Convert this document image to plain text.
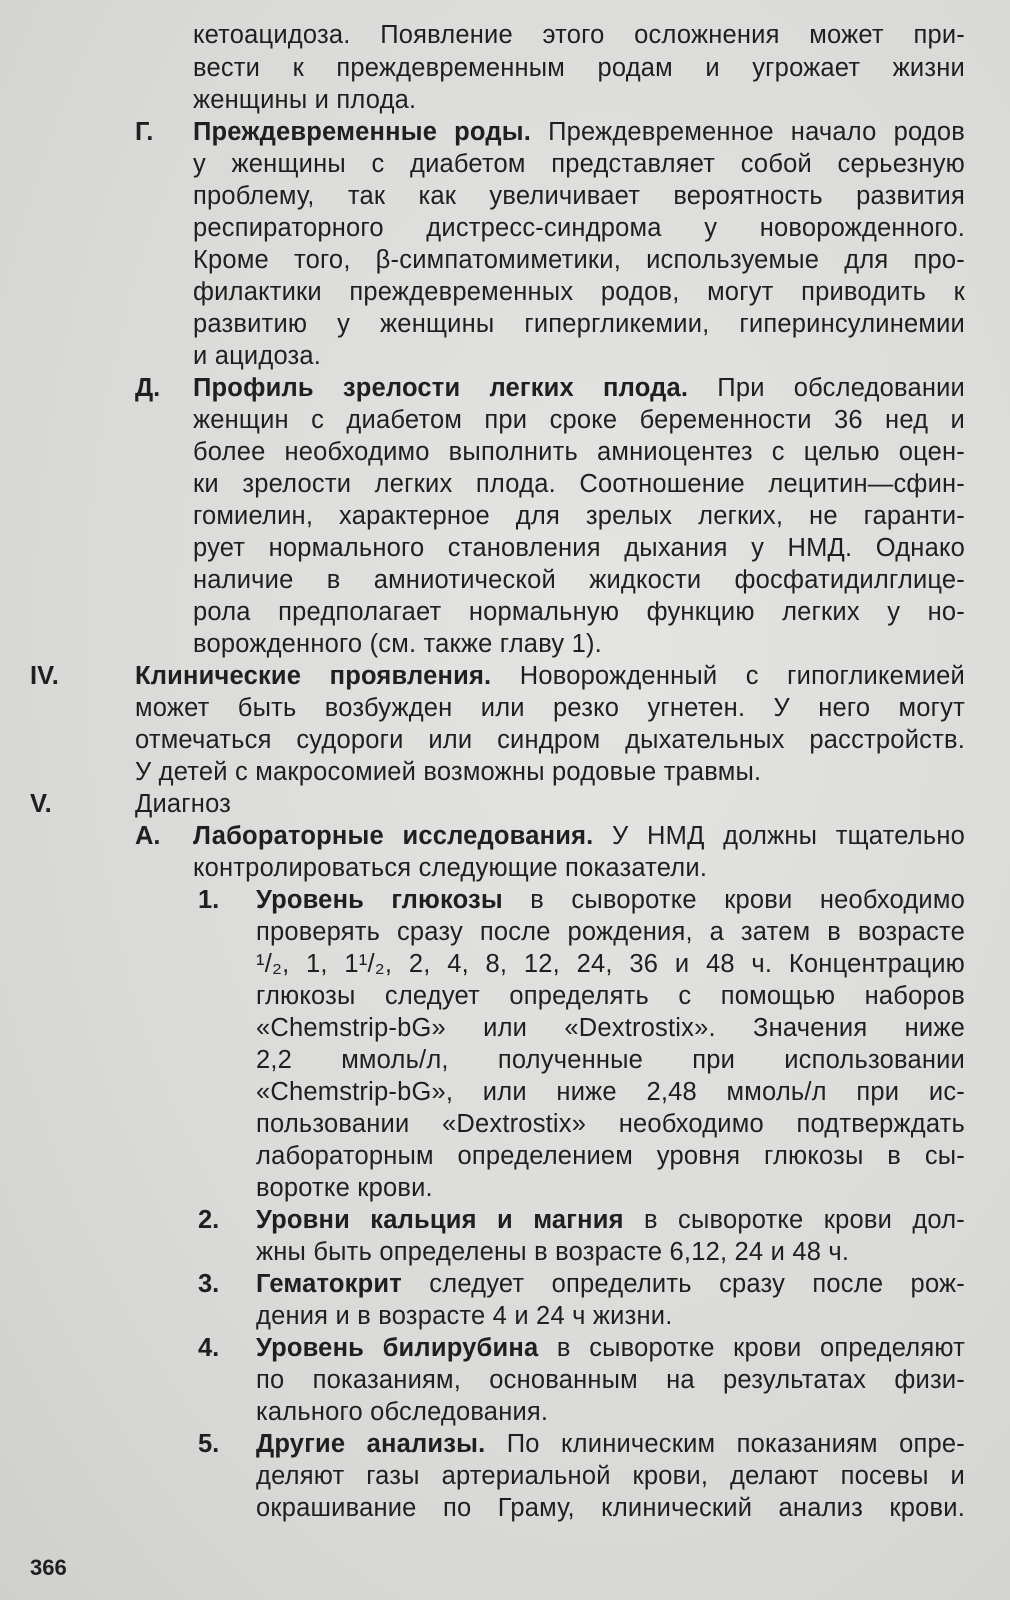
кетоацидоза. Появление этого осложнения может при-
вести к преждевременным родам и угрожает жизни
женщины и плода.
Г. Преждевременные роды. Преждевременное начало родов
у женщины с диабетом представляет собой серьезную
проблему, так как увеличивает вероятность развития
респираторного дистресс-синдрома у новорожденного.
Кроме того, β-симпатомиметики, используемые для про-
филактики преждевременных родов, могут приводить к
развитию у женщины гипергликемии, гиперинсулинемии
и ацидоза.
Д. Профиль зрелости легких плода. При обследовании
женщин с диабетом при сроке беременности 36 нед и
более необходимо выполнить амниоцентез с целью оцен-
ки зрелости легких плода. Соотношение лецитин—сфин-
гомиелин, характерное для зрелых легких, не гаранти-
рует нормального становления дыхания у НМД. Однако
наличие в амниотической жидкости фосфатидилглице-
рола предполагает нормальную функцию легких у но-
ворожденного (см. также главу 1).
IV.	Клинические проявления. Новорожденный с гипогликемией
может быть возбужден или резко угнетен. У него могут
отмечаться судороги или синдром дыхательных расстройств.
У детей с макросомией возможны родовые травмы.
V.	Диагноз
А. Лабораторные исследования. У НМД должны тщательно
контролироваться следующие показатели.
1. Уровень глюкозы в сыворотке крови необходимо
проверять сразу после рождения, а затем в возрасте
¹/₂, 1, 1¹/₂, 2, 4, 8, 12, 24, 36 и 48 ч. Концентрацию
глюкозы следует определять с помощью наборов
«Chemstrip-bG» или «Dextrostix». Значения ниже
2,2 ммоль/л, полученные при использовании
«Chemstrip-bG», или ниже 2,48 ммоль/л при ис-
пользовании «Dextrostix» необходимо подтверждать
лабораторным определением уровня глюкозы в сы-
воротке крови.
2. Уровни кальция и магния в сыворотке крови дол-
жны быть определены в возрасте 6,12, 24 и 48 ч.
3. Гематокрит следует определить сразу после рож-
дения и в возрасте 4 и 24 ч жизни.
4. Уровень билирубина в сыворотке крови определяют
по показаниям, основанным на результатах физи-
кального обследования.
5. Другие анализы. По клиническим показаниям опре-
деляют газы артериальной крови, делают посевы и
окрашивание по Граму, клинический анализ крови.
366
